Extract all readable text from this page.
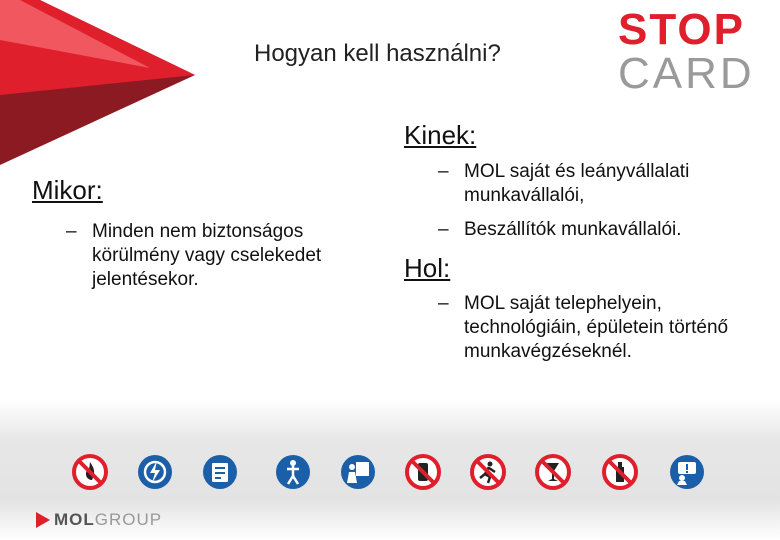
Hogyan kell használni?	STOP
CARD
Mikor:
– Minden nem biztonságos körülmény vagy cselekedet jelentésekor.
Kinek:
– MOL saját és leányvállalati munkavállalói,
– Beszállítók munkavállalói.
Hol:
– MOL saját telephelyein, technológiáin, épületein történő munkavégzéseknél.
MOLGROUP
